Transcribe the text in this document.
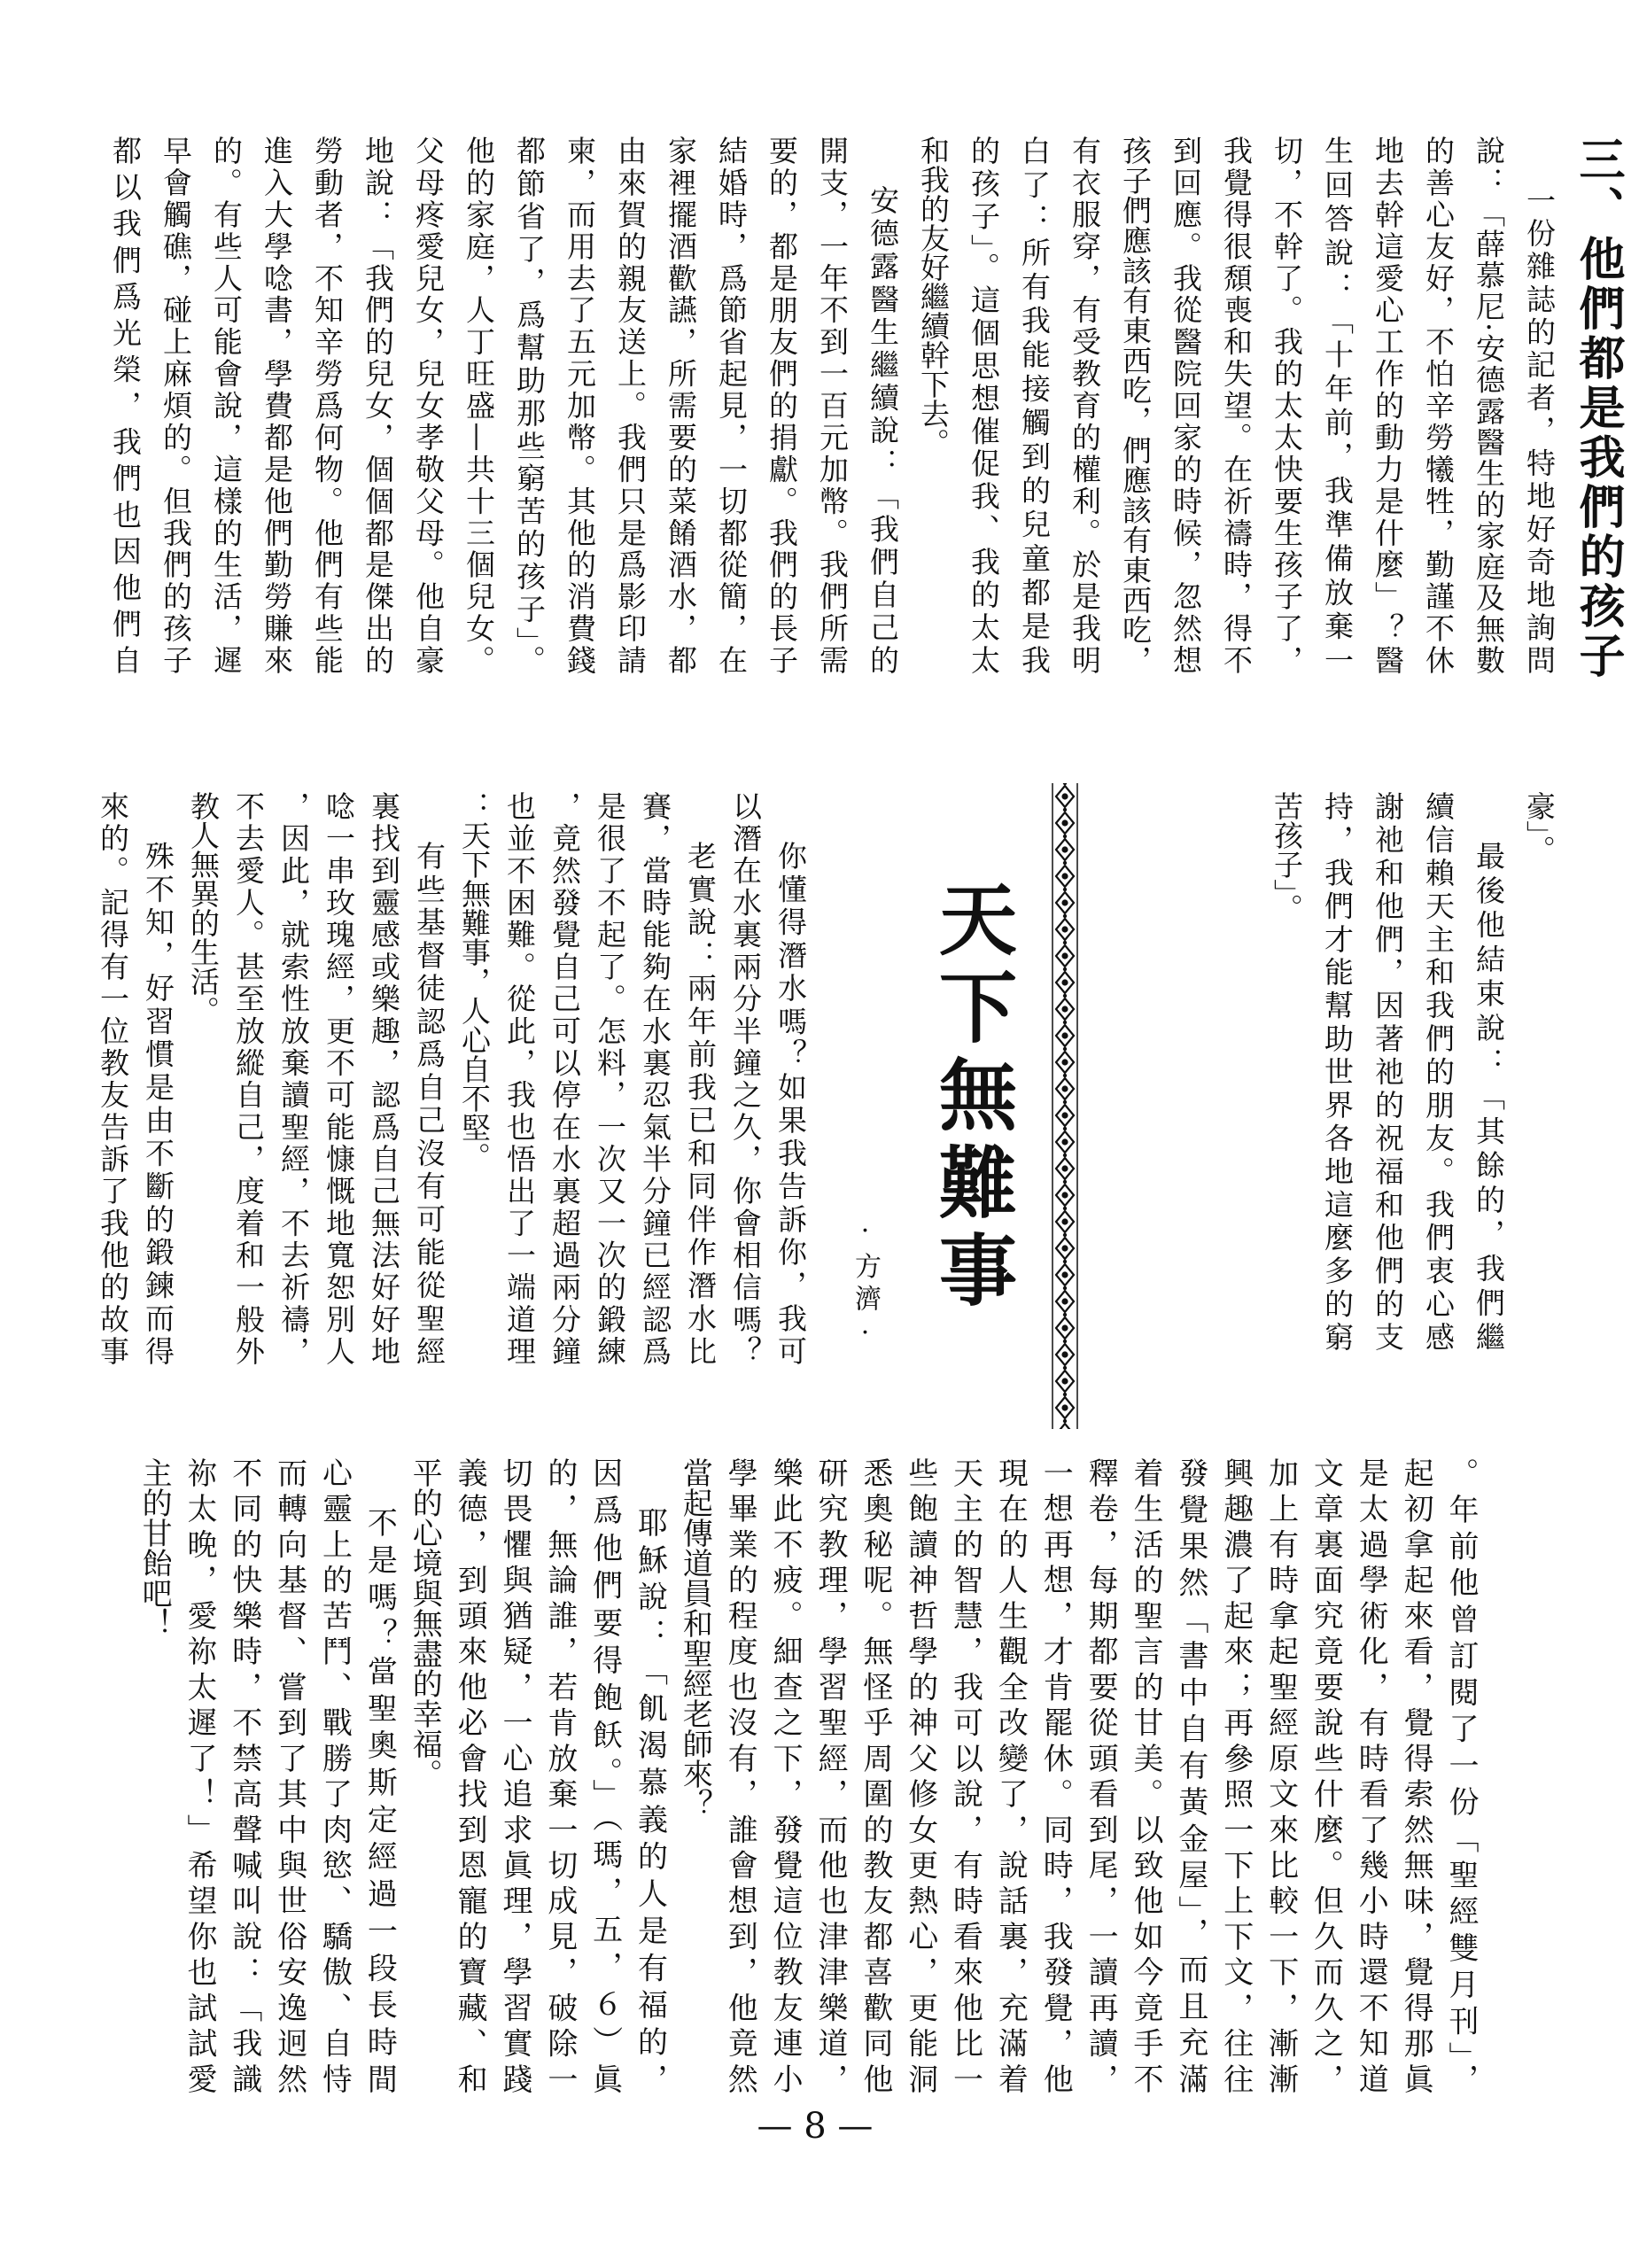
三、他們都是我們的孩子
一份雜誌的記者，特地好奇地詢問
說：「薛慕尼·安德露醫生的家庭及無數
的善心友好，不怕辛勞犧牲，勤謹不休
地去幹這愛心工作的動力是什麼」？醫
生回答說：「十年前，我準備放棄一
切，不幹了。我的太太快要生孩子了，
我覺得很頹喪和失望。在祈禱時，得不
到回應。我從醫院回家的時候，忽然想
孩子們應該有東西吃，們應該有東西吃，
有衣服穿，有受教育的權利。於是我明
白了：所有我能接觸到的兒童都是我
的孩子」。這個思想催促我、我的太太
和我的友好繼續幹下去。
安德露醫生繼續說：「我們自己的
開支，一年不到一百元加幣。我們所需
要的，都是朋友們的捐獻。我們的長子
結婚時，爲節省起見，一切都從簡，在
家裡擺酒歡讌，所需要的菜餚酒水，都
由來賀的親友送上。我們只是爲影印請
柬，而用去了五元加幣。其他的消費錢
都節省了，爲幫助那些窮苦的孩子」。
他的家庭，人丁旺盛—共十三個兒女。
父母疼愛兒女，兒女孝敬父母。他自豪
地說：「我們的兒女，個個都是傑出的
勞動者，不知辛勞爲何物。他們有些能
進入大學唸書，學費都是他們勤勞賺來
的。有些人可能會說，這樣的生活，遲
早會觸礁，碰上麻煩的。但我們的孩子
都以我們爲光榮，我們也因他們自
豪」。
最後他結束說：「其餘的，我們繼
續信賴天主和我們的朋友。我們衷心感
謝祂和他們，因著祂的祝福和他們的支
持，我們才能幫助世界各地這麼多的窮
苦孩子」。
天下無難事
·方濟·
你懂得潛水嗎？如果我告訴你，我可
以潛在水裏兩分半鐘之久，你會相信嗎？
老實說：兩年前我已和同伴作潛水比
賽，當時能夠在水裏忍氣半分鐘已經認爲
是很了不起了。怎料，一次又一次的鍛練
，竟然發覺自己可以停在水裏超過兩分鐘
也並不困難。從此，我也悟出了一端道理
：天下無難事，人心自不堅。
有些基督徒認爲自己沒有可能從聖經
裏找到靈感或樂趣，認爲自己無法好好地
唸一串玫瑰經，更不可能慷慨地寬恕別人
，因此，就索性放棄讀聖經，不去祈禱，
不去愛人。甚至放縱自己，度着和一般外
教人無異的生活。
殊不知，好習慣是由不斷的鍛鍊而得
來的。記得有一位教友告訴了我他的故事
。年前他曾訂閱了一份「聖經雙月刊」，
起初拿起來看，覺得索然無味，覺得那眞
是太過學術化，有時看了幾小時還不知道
文章裏面究竟要說些什麼。但久而久之，
加上有時拿起聖經原文來比較一下，漸漸
興趣濃了起來；再參照一下上下文，往往
發覺果然「書中自有黃金屋」，而且充滿
着生活的聖言的甘美。以致他如今竟手不
釋卷，每期都要從頭看到尾，一讀再讀，
一想再想，才肯罷休。同時，我發覺，他
現在的人生觀全改變了，說話裏，充滿着
天主的智慧，我可以說，有時看來他比一
些飽讀神哲學的神父修女更熱心，更能洞
悉奧秘呢。無怪乎周圍的教友都喜歡同他
研究教理，學習聖經，而他也津津樂道，
樂此不疲。細查之下，發覺這位教友連小
學畢業的程度也沒有，誰會想到，他竟然
當起傳道員和聖經老師來？
耶穌說：「飢渴慕義的人是有福的，
因爲他們要得飽飫。」（瑪，五，６）眞
的，無論誰，若肯放棄一切成見，破除一
切畏懼與猶疑，一心追求眞理，學習實踐
義德，到頭來他必會找到恩寵的寶藏、和
平的心境與無盡的幸福。
不是嗎？當聖奧斯定經過一段長時間
心靈上的苦鬥、戰勝了肉慾、驕傲、自恃
而轉向基督、嘗到了其中與世俗安逸迥然
不同的快樂時，不禁高聲喊叫說：「我識
祢太晚，愛祢太遲了！」希望你也試試愛
主的甘飴吧！
— 8 —
